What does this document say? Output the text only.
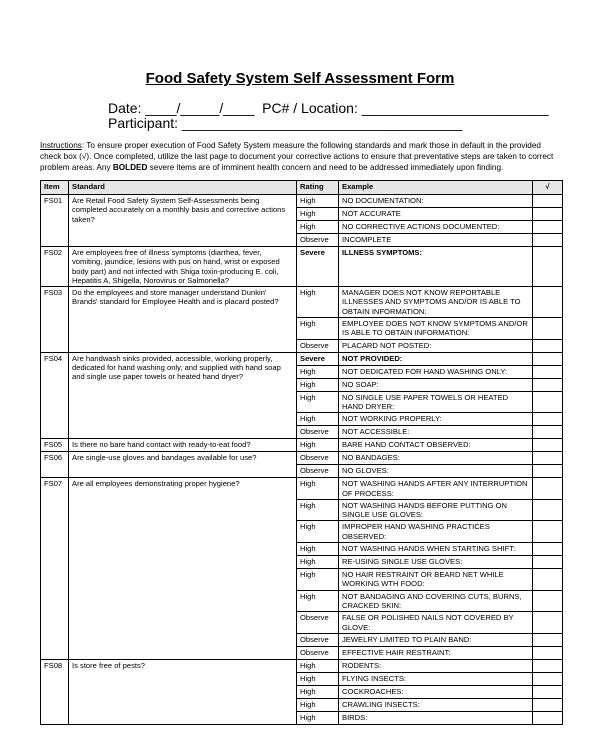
Food Safety System Self Assessment Form
Date: ____/_____/____  PC# / Location: ________________________
Participant: ____________________________________
Instructions: To ensure proper execution of Food Safety System measure the following standards and mark those in default in the provided check box (√). Once completed, utilize the last page to document your corrective actions to ensure that preventative steps are taken to correct problem areas. Any BOLDED severe items are of imminent health concern and need to be addressed immediately upon finding.
Item	Standard	Rating	Example	√
FS01	Are Retail Food Safety System Self-Assessments being completed accurately on a monthly basis and corrective actions taken?	High	NO DOCUMENTATION:	
		High	NOT ACCURATE	
		High	NO CORRECTIVE ACTIONS DOCUMENTED:	
		Observe	INCOMPLETE	
FS02	Are employees free of illness symptoms (diarrhea, fever, vomiting, jaundice, lesions with pus on hand, wrist or exposed body part) and not infected with Shiga toxin-producing E. coli, Hepatitis A, Shigella, Norovirus or Salmonella?	Severe	ILLNESS SYMPTOMS:	
FS03	Do the employees and store manager understand Dunkin' Brands' standard for Employee Health and is placard posted?	High	MANAGER DOES NOT KNOW REPORTABLE ILLNESSES AND SYMPTOMS AND/OR IS ABLE TO OBTAIN INFORMATION:	
		High	EMPLOYEE DOES NOT KNOW SYMPTOMS AND/OR IS ABLE TO OBTAIN INFORMATION:	
		Observe	PLACARD NOT POSTED:	
FS04	Are handwash sinks provided, accessible, working properly, dedicated for hand washing only, and supplied with hand soap and single use paper towels or heated hand dryer?	Severe	NOT PROVIDED:	
		High	NOT DEDICATED FOR HAND WASHING ONLY:	
		High	NO SOAP:	
		High	NO SINGLE USE PAPER TOWELS OR HEATED HAND DRYER:	
		High	NOT WORKING PROPERLY:	
		Observe	NOT ACCESSIBLE:	
FS05	Is there no bare hand contact with ready-to-eat food?	High	BARE HAND CONTACT OBSERVED:	
FS06	Are single-use gloves and bandages available for use?	Observe	NO BANDAGES:	
		Observe	NO GLOVES:	
FS07	Are all employees demonstrating proper hygiene?	High	NOT WASHING HANDS AFTER ANY INTERRUPTION OF PROCESS:	
		High	NOT WASHING HANDS BEFORE PUTTING ON SINGLE USE GLOVES:	
		High	IMPROPER HAND WASHING PRACTICES OBSERVED:	
		High	NOT WASHING HANDS WHEN STARTING SHIFT:	
		High	RE-USING SINGLE USE GLOVES:	
		High	NO HAIR RESTRAINT OR BEARD NET WHILE WORKING WTH FOOD:	
		High	NOT BANDAGING AND COVERING CUTS, BURNS, CRACKED SKIN:	
		Observe	FALSE OR POLISHED NAILS NOT COVERED BY GLOVE:	
		Observe	JEWELRY LIMITED TO PLAIN BAND:	
		Observe	EFFECTIVE HAIR RESTRAINT:	
FS08	Is store free of pests?	High	RODENTS:	
		High	FLYING INSECTS:	
		High	COCKROACHES:	
		High	CRAWLING INSECTS:	
		High	BIRDS:	
